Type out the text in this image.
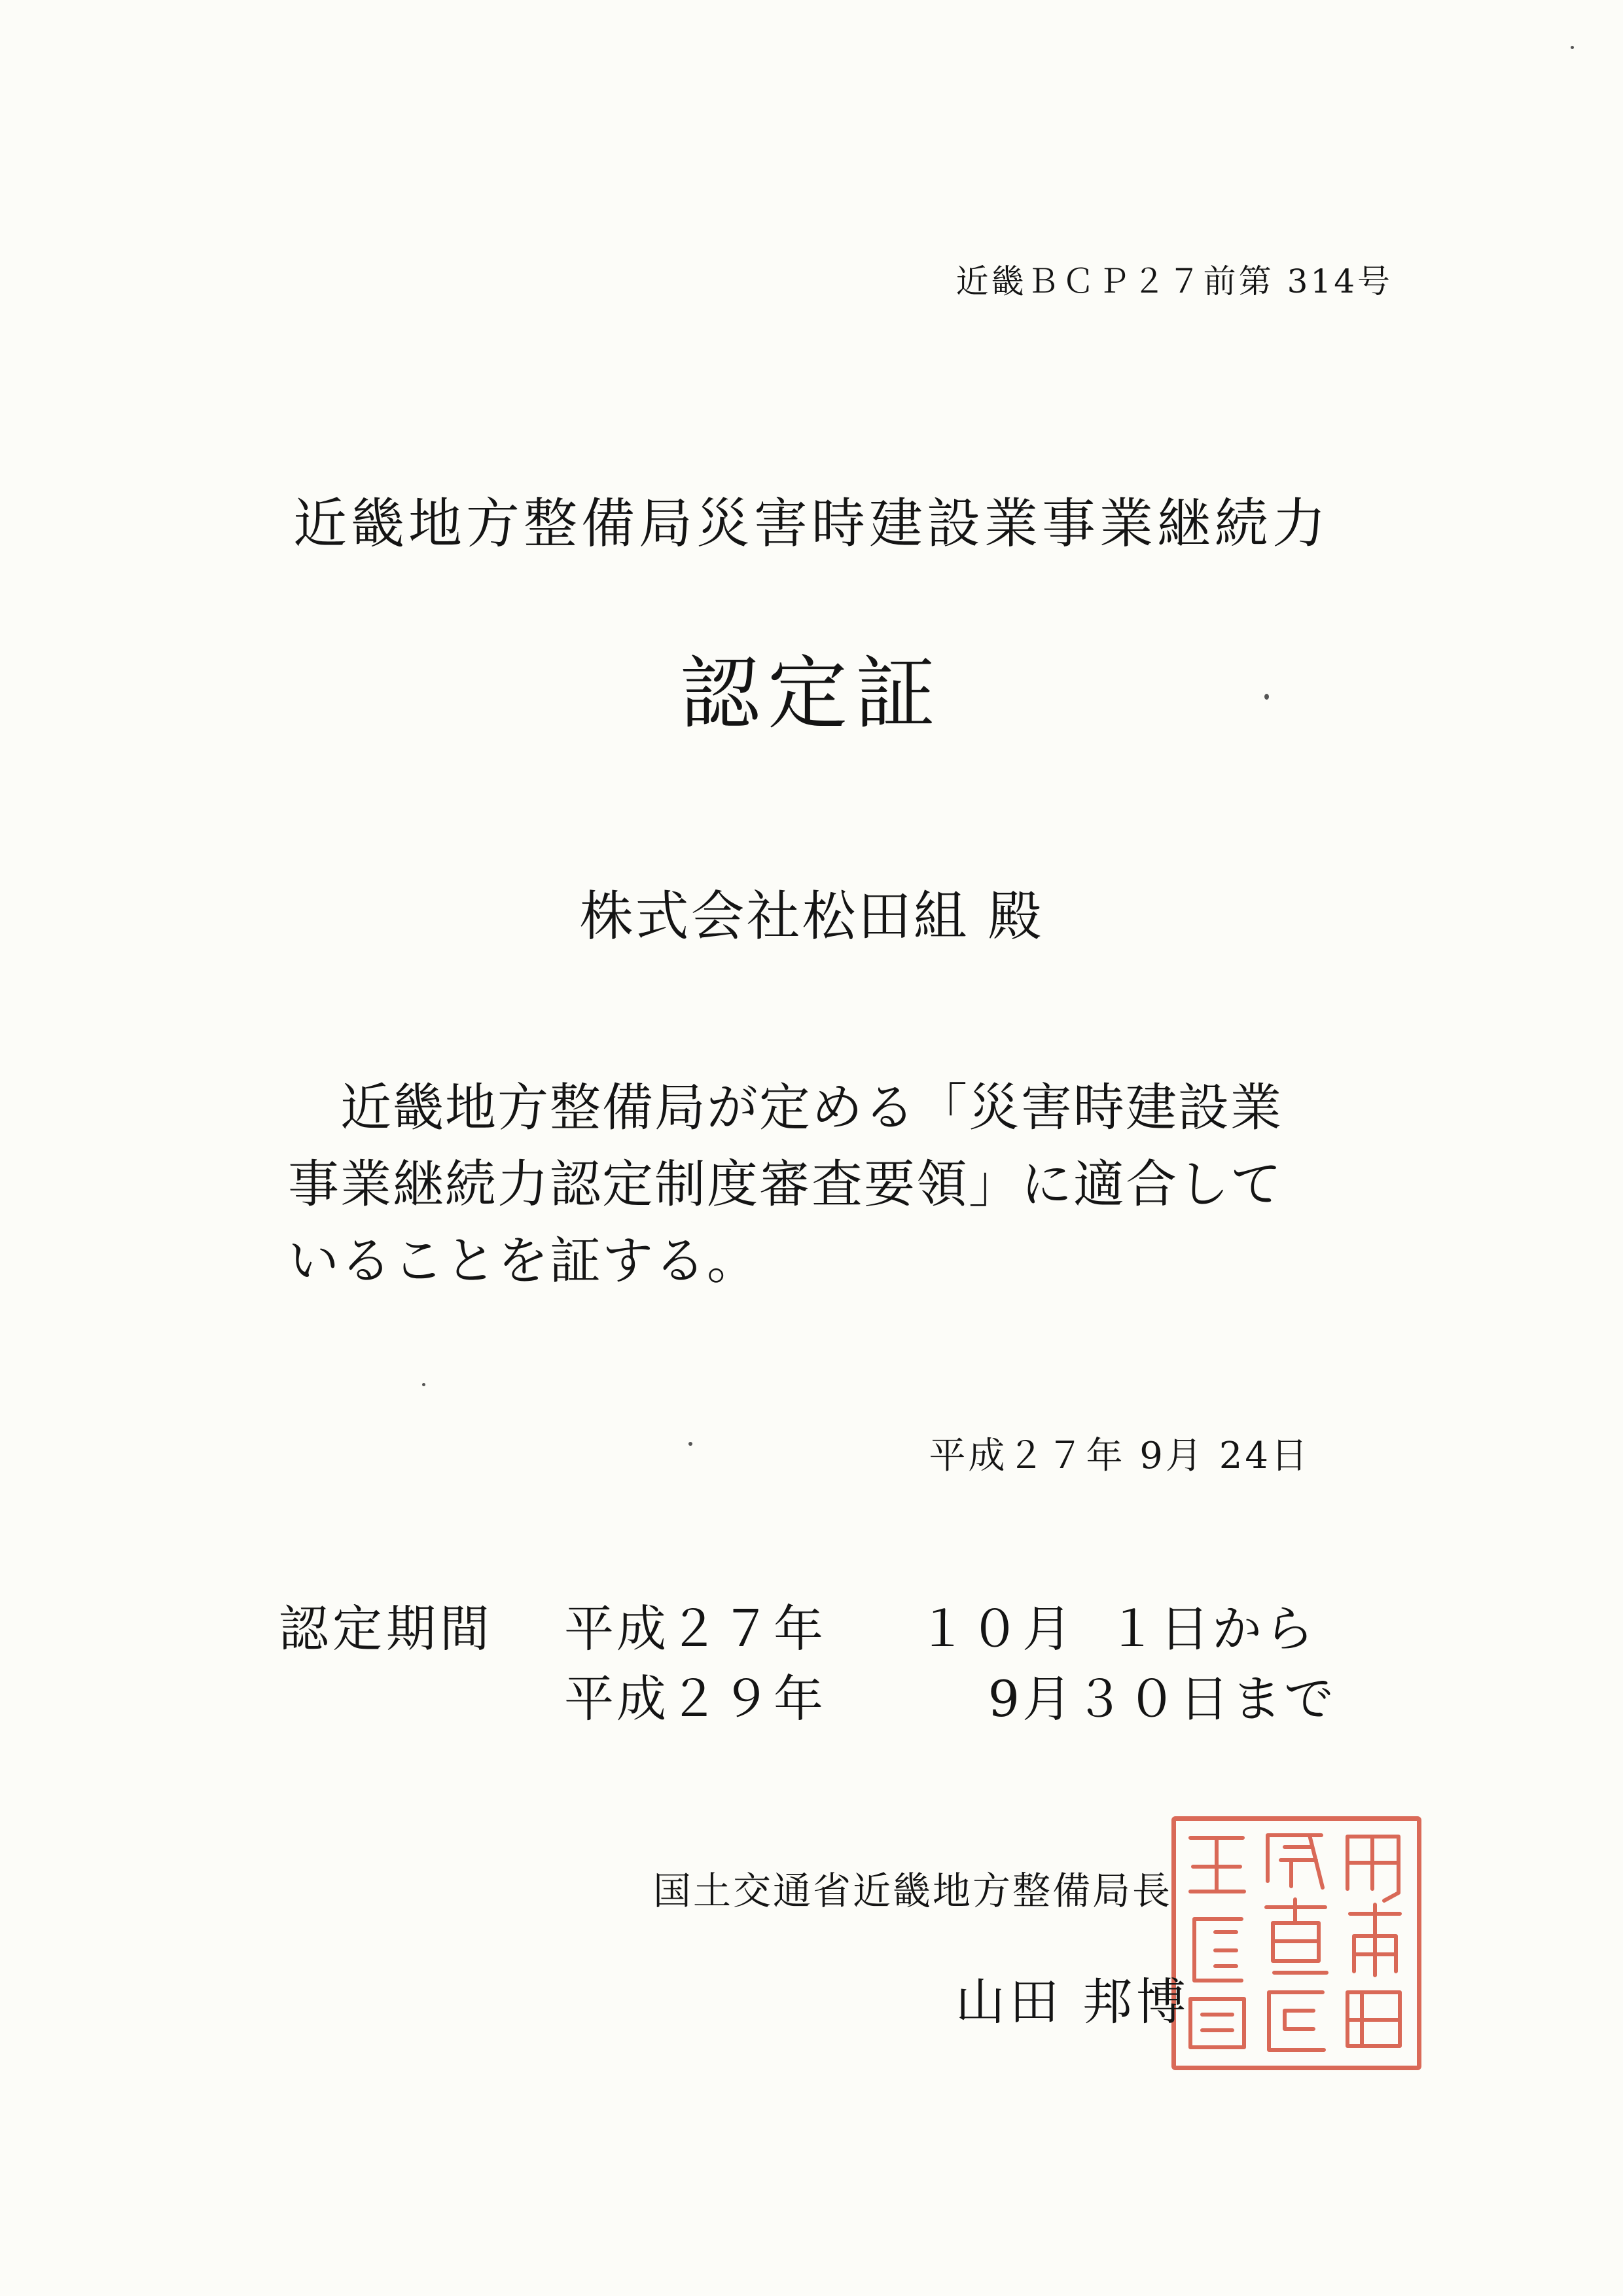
近畿ＢＣＰ２７前第 314号
近畿地方整備局災害時建設業事業継続力
認定証
株式会社松田組 殿
　近畿地方整備局が定める「災害時建設業
事業継続力認定制度審査要領」に適合して
いることを証する。
平成２７年 9月 24日
認定期間 平成２７年 １０月 １日から
平成２９年	9月３０日まで
国土交通省近畿地方整備局長
山田 邦博
